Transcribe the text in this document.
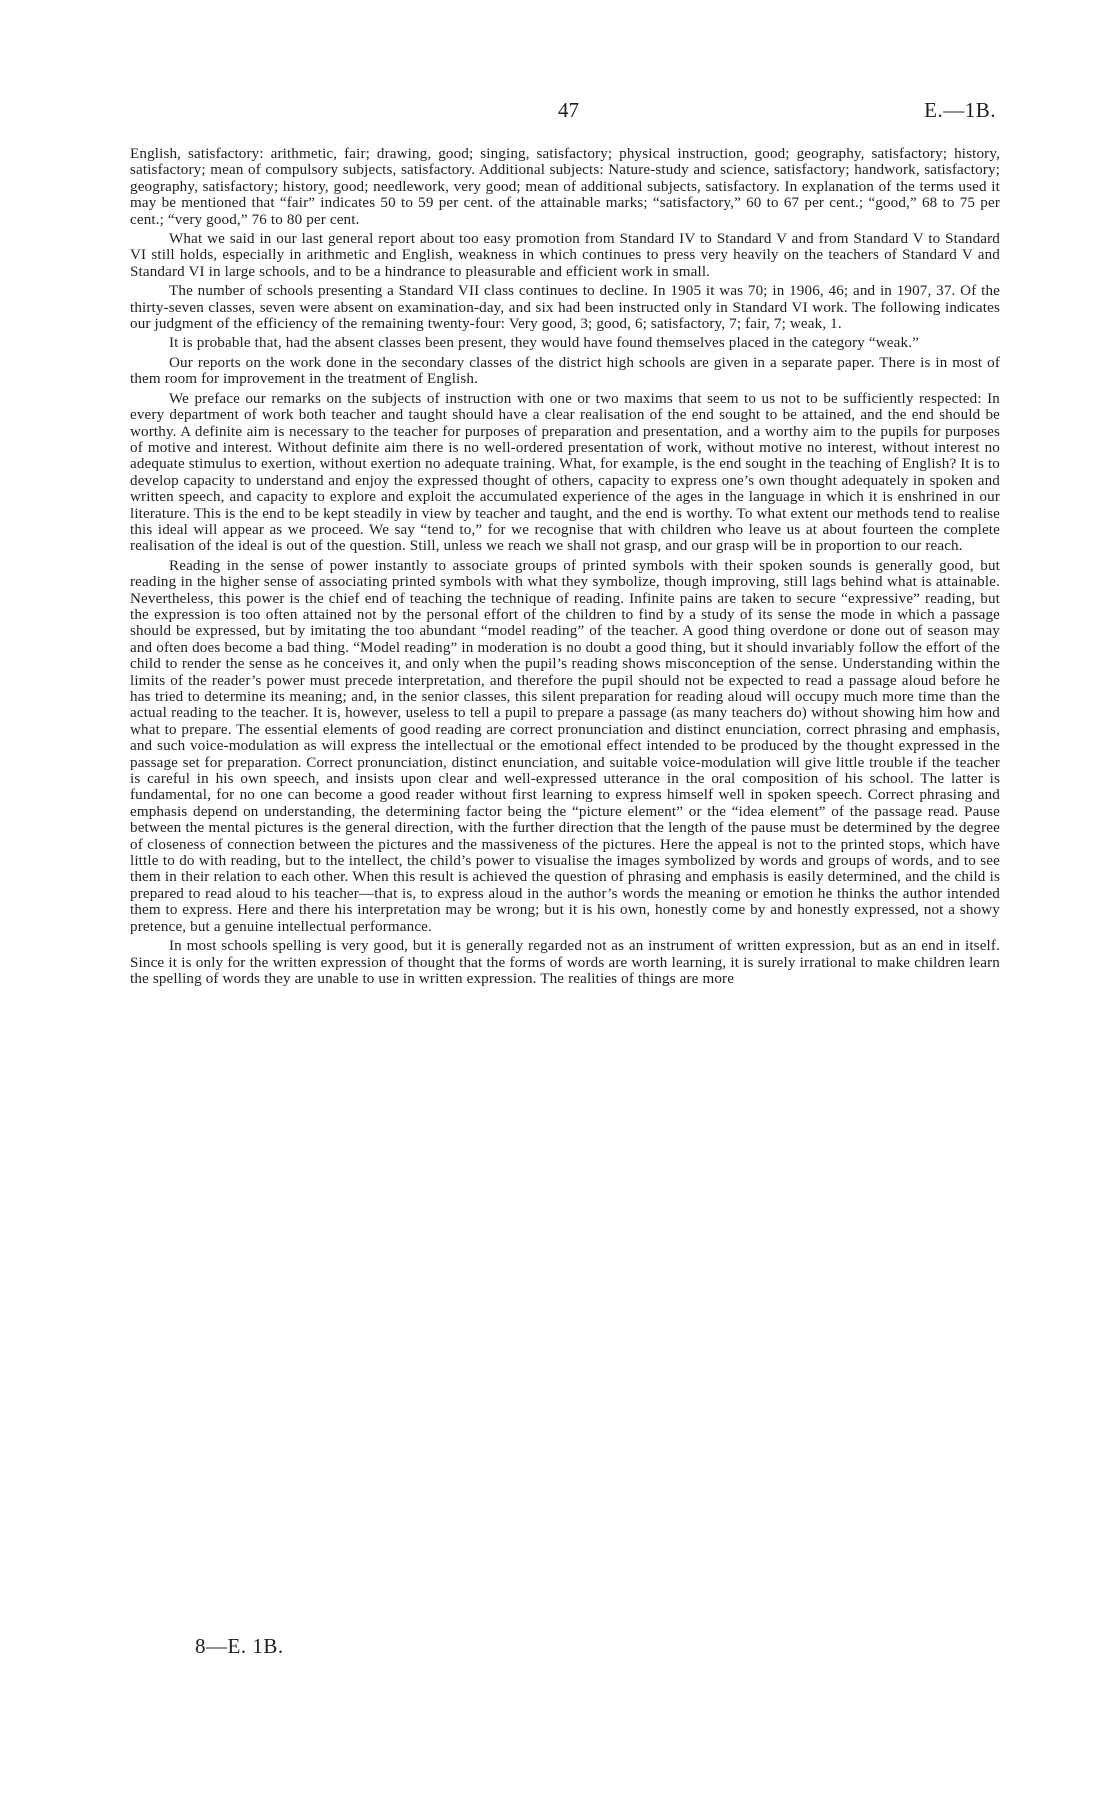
47	E.—1B.

English, satisfactory: arithmetic, fair; drawing, good; singing, satisfactory; physical instruction, good; geography, satisfactory; history, satisfactory; mean of compulsory subjects, satisfactory. Additional subjects: Nature-study and science, satisfactory; handwork, satisfactory; geography, satisfactory; history, good; needlework, very good; mean of additional subjects, satisfactory. In explanation of the terms used it may be mentioned that “fair” indicates 50 to 59 per cent. of the attainable marks; “satisfactory,” 60 to 67 per cent.; “good,” 68 to 75 per cent.; “very good,” 76 to 80 per cent.

What we said in our last general report about too easy promotion from Standard IV to Standard V and from Standard V to Standard VI still holds, especially in arithmetic and English, weakness in which continues to press very heavily on the teachers of Standard V and Standard VI in large schools, and to be a hindrance to pleasurable and efficient work in small.

The number of schools presenting a Standard VII class continues to decline. In 1905 it was 70; in 1906, 46; and in 1907, 37. Of the thirty-seven classes, seven were absent on examination-day, and six had been instructed only in Standard VI work. The following indicates our judgment of the efficiency of the remaining twenty-four: Very good, 3; good, 6; satisfactory, 7; fair, 7; weak, 1.

It is probable that, had the absent classes been present, they would have found themselves placed in the category “weak.”

Our reports on the work done in the secondary classes of the district high schools are given in a separate paper. There is in most of them room for improvement in the treatment of English.

We preface our remarks on the subjects of instruction with one or two maxims that seem to us not to be sufficiently respected: In every department of work both teacher and taught should have a clear realisation of the end sought to be attained, and the end should be worthy. A definite aim is necessary to the teacher for purposes of preparation and presentation, and a worthy aim to the pupils for purposes of motive and interest. Without definite aim there is no well-ordered presentation of work, without motive no interest, without interest no adequate stimulus to exertion, without exertion no adequate training. What, for example, is the end sought in the teaching of English? It is to develop capacity to understand and enjoy the expressed thought of others, capacity to express one’s own thought adequately in spoken and written speech, and capacity to explore and exploit the accumulated experience of the ages in the language in which it is enshrined in our literature. This is the end to be kept steadily in view by teacher and taught, and the end is worthy. To what extent our methods tend to realise this ideal will appear as we proceed. We say “tend to,” for we recognise that with children who leave us at about fourteen the complete realisation of the ideal is out of the question. Still, unless we reach we shall not grasp, and our grasp will be in proportion to our reach.

Reading in the sense of power instantly to associate groups of printed symbols with their spoken sounds is generally good, but reading in the higher sense of associating printed symbols with what they symbolize, though improving, still lags behind what is attainable. Nevertheless, this power is the chief end of teaching the technique of reading. Infinite pains are taken to secure “expressive” reading, but the expression is too often attained not by the personal effort of the children to find by a study of its sense the mode in which a passage should be expressed, but by imitating the too abundant “model reading” of the teacher. A good thing overdone or done out of season may and often does become a bad thing. “Model reading” in moderation is no doubt a good thing, but it should invariably follow the effort of the child to render the sense as he conceives it, and only when the pupil’s reading shows misconception of the sense. Understanding within the limits of the reader’s power must precede interpretation, and therefore the pupil should not be expected to read a passage aloud before he has tried to determine its meaning; and, in the senior classes, this silent preparation for reading aloud will occupy much more time than the actual reading to the teacher. It is, however, useless to tell a pupil to prepare a passage (as many teachers do) without showing him how and what to prepare. The essential elements of good reading are correct pronunciation and distinct enunciation, correct phrasing and emphasis, and such voice-modulation as will express the intellectual or the emotional effect intended to be produced by the thought expressed in the passage set for preparation. Correct pronunciation, distinct enunciation, and suitable voice-modulation will give little trouble if the teacher is careful in his own speech, and insists upon clear and well-expressed utterance in the oral composition of his school. The latter is fundamental, for no one can become a good reader without first learning to express himself well in spoken speech. Correct phrasing and emphasis depend on understanding, the determining factor being the “picture element” or the “idea element” of the passage read. Pause between the mental pictures is the general direction, with the further direction that the length of the pause must be determined by the degree of closeness of connection between the pictures and the massiveness of the pictures. Here the appeal is not to the printed stops, which have little to do with reading, but to the intellect, the child’s power to visualise the images symbolized by words and groups of words, and to see them in their relation to each other. When this result is achieved the question of phrasing and emphasis is easily determined, and the child is prepared to read aloud to his teacher—that is, to express aloud in the author’s words the meaning or emotion he thinks the author intended them to express. Here and there his interpretation may be wrong; but it is his own, honestly come by and honestly expressed, not a showy pretence, but a genuine intellectual performance.

In most schools spelling is very good, but it is generally regarded not as an instrument of written expression, but as an end in itself. Since it is only for the written expression of thought that the forms of words are worth learning, it is surely irrational to make children learn the spelling of words they are unable to use in written expression. The realities of things are more

8—E. 1B.
